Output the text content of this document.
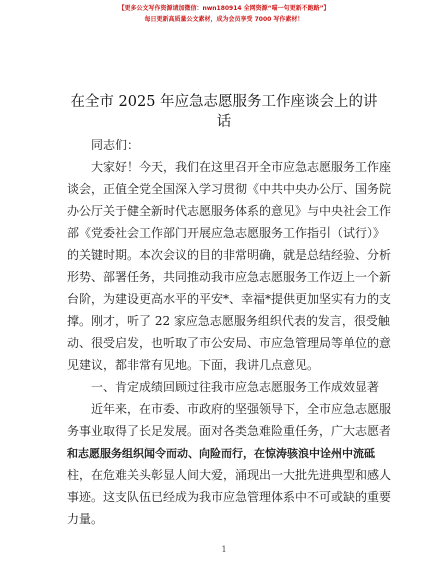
【更多公文写作资源请加微信：nwn180914 全网资源“喵一句更新不跑路”】
每日更新高质量公文素材，成为会员享受 7000 写作素材！
在全市 2025 年应急志愿服务工作座谈会上的讲
话
同志们：
大家好！今天，我们在这里召开全市应急志愿服务工作座
谈会，正值全党全国深入学习贯彻《中共中央办公厅、国务院
办公厅关于健全新时代志愿服务体系的意见》与中央社会工作
部《党委社会工作部门开展应急志愿服务工作指引（试行）》
的关键时期。本次会议的目的非常明确，就是总结经验、分析
形势、部署任务，共同推动我市应急志愿服务工作迈上一个新
台阶，为建设更高水平的平安*、幸福*提供更加坚实有力的支
撑。刚才，听了 22 家应急志愿服务组织代表的发言，很受触
动、很受启发，也听取了市公安局、市应急管理局等单位的意
见建议，都非常有见地。下面，我讲几点意见。
一、肯定成绩回顾过往我市应急志愿服务工作成效显著
近年来，在市委、市政府的坚强领导下，全市应急志愿服
务事业取得了长足发展。面对各类急难险重任务，广大志愿者
和志愿服务组织闻令而动、向险而行，在惊涛骇浪中诠州中流砥
柱，在危难关头彰显人间大爱，涌现出一大批先进典型和感人
事迹。这支队伍已经成为我市应急管理体系中不可或缺的重要
力量。
1
